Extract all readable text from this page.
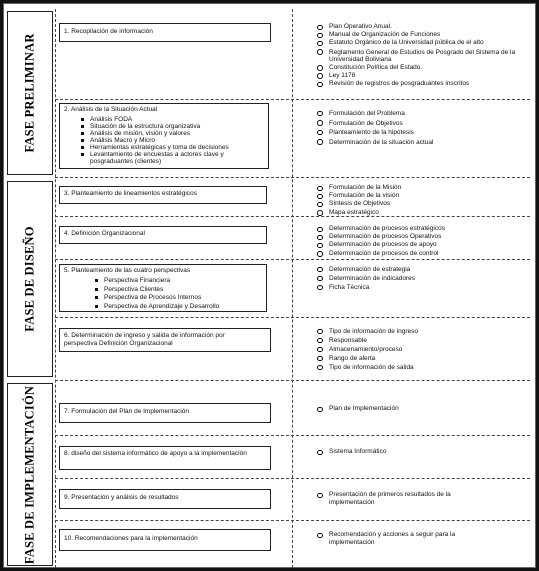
FASE PRELIMINAR
FASE DE DISEÑO
FASE DE IMPLEMENTACIÓN
1. Recopilación de información
Plan Operativo Anual.
Manual de Organización de Funciones
Estatuto Orgánico de la Universidad pública de el alto
Reglamento General de Estudios de Posgrado del Sistema de la Universidad Boliviana
Constitución Política del Estado.
Ley 1178
Revisión de registros de posgraduantes inscritos
2. Análisis de la Situación Actual
Análisis FODA
Situación de la estructura organizativa
Análisis de misión, visión y valores
Análisis Macro y Micro
Herramientas estratégicas y toma de decisiones
Levantamiento de encuestas a actores clave y posgraduantes (clientes)
Formulación del Problema
Formulación de Objetivos
Planteamiento de la hipótesis
Determinación de la situación actual
3. Planteamiento de lineamientos estratégicos
Formulación de la Misión
Formulación de la visión
Síntesis de Objetivos
Mapa estratégico
4. Definición Organizacional
Determinación de procesos estratégicos
Determinación de procesos Operativos
Determinación de procesos de apoyo
Determinación de procesos de control
5. Planteamiento de las cuatro perspectivas
Perspectiva Financiera
Perspectiva Clientes
Perspectiva de Procesos Internos
Perspectiva de Aprendizaje y Desarrollo
Determinación de estrategia
Determinación de indicadores
Ficha Técnica
6. Determinación de ingreso y salida de información por perspectiva Definición Organizacional
Tipo de información de ingreso
Responsable
Almacenamiento/proceso
Rango de alerta
Tipo de información de salida
7. Formulación del Plan de Implementación	Plan de Implementación
8. diseño del sistema informático de apoyo a la implementación	Sistema Informático
9. Presentación y análisis de resultados	Presentación de primeros resultados de la implementación
10. Recomendaciones para la implementación
Recomendación y acciones a seguir para la implementación
